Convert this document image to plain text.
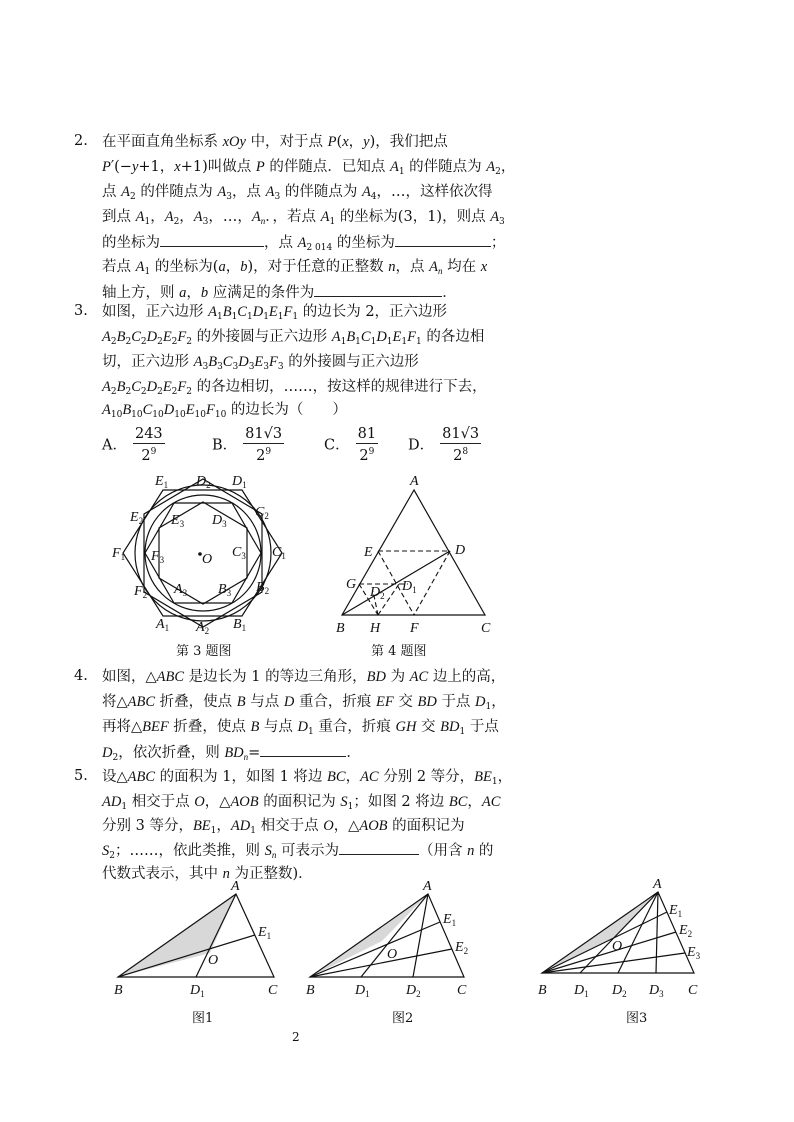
2. 在平面直角坐标系 xOy 中，对于点 P(x，y)，我们把点
P′(−y+1，x+1)叫做点 P 的伴随点．已知点 $A_1$ 的伴随点为 $A_2$，
点 $A_2$ 的伴随点为 $A_3$，点 $A_3$ 的伴随点为 $A_4$，…，这样依次得
到点 $A_1$，$A_2$，$A_3$，…，$A_n$．，若点 $A_1$ 的坐标为(3，1)，则点 $A_3$
的坐标为	，点 $A_{2 014}$ 的坐标为	；
若点 $A_1$ 的坐标为(a，b)，对于任意的正整数 n，点 $A_n$ 均在 x
轴上方，则 a，b 应满足的条件为	．
3. 如图，正六边形 $A_1B_1C_1D_1E_1F_1$ 的边长为 2，正六边形
$A_2B_2C_2D_2E_2F_2$ 的外接圆与正六边形 $A_1B_1C_1D_1E_1F_1$ 的各边相
切，正六边形 $A_3B_3C_3D_3E_3F_3$ 的外接圆与正六边形
$A_2B_2C_2D_2E_2F_2$ 的各边相切，……，按这样的规律进行下去，
$A_{10}B_{10}C_{10}D_{10}E_{10}F_{10}$ 的边长为（　　）
A． $\frac{243}{2^9}$	B． $\frac{81√3}{2^9}$	C． $\frac{81}{2^9}$ D． $\frac{81√3}{2^8}$
$E_1$ $D_2$ $D_1$
$E_2$ $E_3$ $D_3$
$C_2$
$F_1$ $F_3$	O $C_3$ $C_1$
$F_2$ $A_3$ $B_3$ $B_2$
$A_1$ $A_2$ $B_1$
第 3 题图
A
E	D
G
$D_2$
$D_1$
B H F	C
第 4 题图
4. 如图，△ABC 是边长为 1 的等边三角形，BD 为 AC 边上的高，
将△ABC 折叠，使点 B 与点 D 重合，折痕 EF 交 BD 于点 $D_1$，
再将△BEF 折叠，使点 B 与点 $D_1$ 重合，折痕 GH 交 $BD_1$ 于点
$D_2$，依次折叠，则 $BD_n=$	．
5. 设△ABC 的面积为 1，如图 1 将边 BC，AC 分别 2 等分，$BE_1$，
$AD_1$ 相交于点 O，△AOB 的面积记为 $S_1$；如图 2 将边 BC，AC
分别 3 等分，$BE_1$，$AD_1$ 相交于点 O，△AOB 的面积记为
$S_2$；……，依此类推，则 $S_n$ 可表示为	（用含 n 的
代数式表示，其中 n 为正整数)．
A
$E_1$
O
B	$D_1$	C
图1
A
$E_1$
$E_2$
O
B	$D_1$	$D_2$	C
图2
A
$E_1$
$E_2$
$E_3$
O
B $D_1$ $D_2$ $D_3$ C
图3
2
